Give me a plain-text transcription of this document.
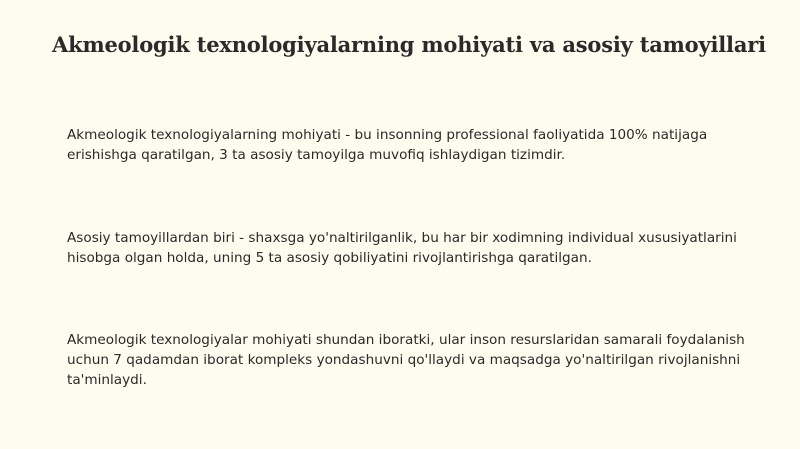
Akmeologik texnologiyalarning mohiyati va asosiy tamoyillari

Akmeologik texnologiyalarning mohiyati - bu insonning professional faoliyatida 100% natijaga erishishga qaratilgan, 3 ta asosiy tamoyilga muvofiq ishlaydigan tizimdir.

Asosiy tamoyillardan biri - shaxsga yo'naltirilganlik, bu har bir xodimning individual xususiyatlarini hisobga olgan holda, uning 5 ta asosiy qobiliyatini rivojlantirishga qaratilgan.

Akmeologik texnologiyalar mohiyati shundan iboratki, ular inson resurslaridan samarali foydalanish uchun 7 qadamdan iborat kompleks yondashuvni qo'llaydi va maqsadga yo'naltirilgan rivojlanishni ta'minlaydi.
